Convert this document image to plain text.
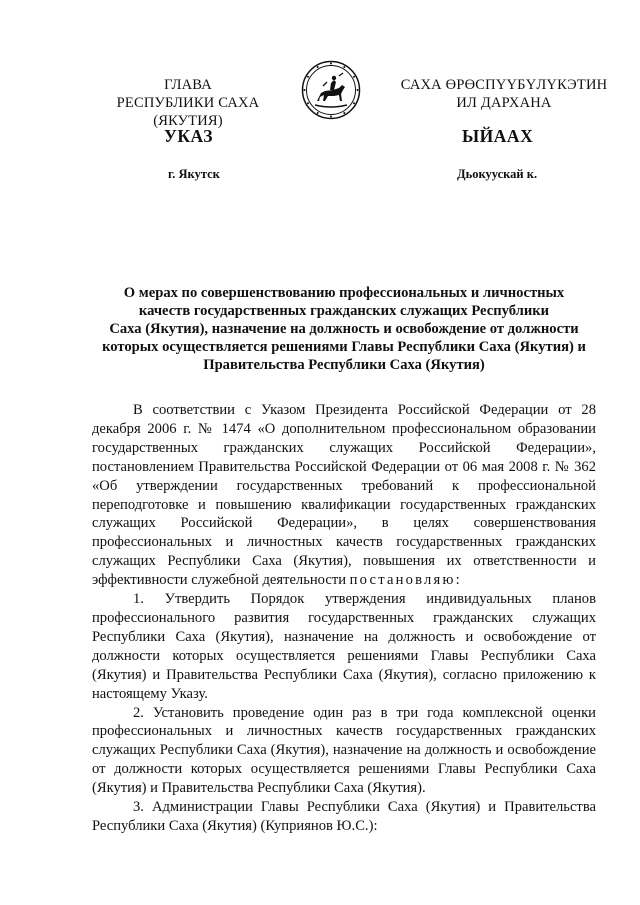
ГЛАВА
РЕСПУБЛИКИ САХА (ЯКУТИЯ)
САХА ӨРӨСПҮҮБҮЛҮКЭТИН
ИЛ ДАРХАНА
УКАЗ	ЫЙААХ
г. Якутск	Дьокуускай к.
О мерах по совершенствованию профессиональных и личностных
качеств государственных гражданских служащих Республики
Саха (Якутия), назначение на должность и освобождение от должности
которых осуществляется решениями Главы Республики Саха (Якутия) и
Правительства Республики Саха (Якутия)

В соответствии с Указом Президента Российской Федерации от 28 декабря 2006 г. № 1474 «О дополнительном профессиональном образовании государственных гражданских служащих Российской Федерации», постановлением Правительства Российской Федерации от 06 мая 2008 г. № 362 «Об утверждении государственных требований к профессиональной переподготовке и повышению квалификации государственных гражданских служащих Российской Федерации», в целях совершенствования профессиональных и личностных качеств государственных гражданских служащих Республики Саха (Якутия), повышения их ответственности и эффективности служебной деятельности постановляю:

1. Утвердить Порядок утверждения индивидуальных планов профессионального развития государственных гражданских служащих Республики Саха (Якутия), назначение на должность и освобождение от должности которых осуществляется решениями Главы Республики Саха (Якутия) и Правительства Республики Саха (Якутия), согласно приложению к настоящему Указу.

2. Установить проведение один раз в три года комплексной оценки профессиональных и личностных качеств государственных гражданских служащих Республики Саха (Якутия), назначение на должность и освобождение от должности которых осуществляется решениями Главы Республики Саха (Якутия) и Правительства Республики Саха (Якутия).

3. Администрации Главы Республики Саха (Якутия) и Правительства Республики Саха (Якутия) (Куприянов Ю.С.):
